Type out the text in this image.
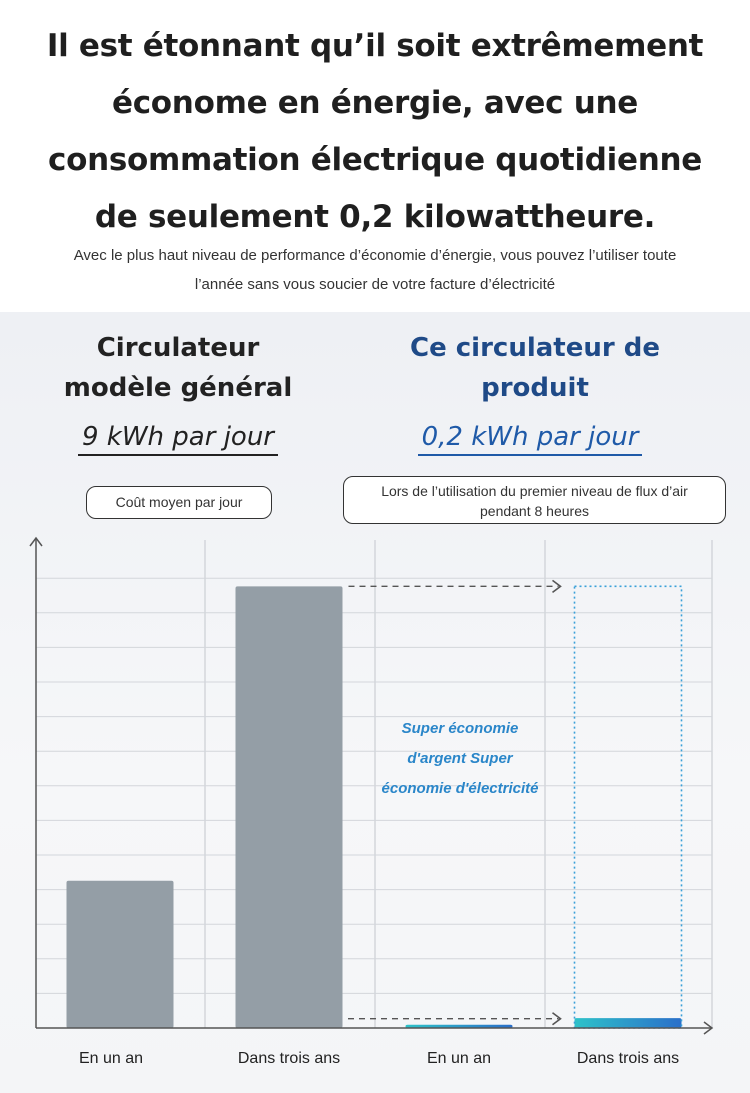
Il est étonnant qu’il soit extrêmement
économe en énergie, avec une
consommation électrique quotidienne
de seulement 0,2 kilowattheure.
Avec le plus haut niveau de performance d’économie d’énergie, vous pouvez l’utiliser toute
l’année sans vous soucier de votre facture d’électricité
Circulateur
modèle général
Ce circulateur de
produit
9 kWh par jour	0,2 kWh par jour
Coût moyen par jour
Lors de l’utilisation du premier niveau de flux d’air
pendant 8 heures
Super économie
d'argent Super
économie d'électricité
En un an	Dans trois ans	En un an	Dans trois ans
